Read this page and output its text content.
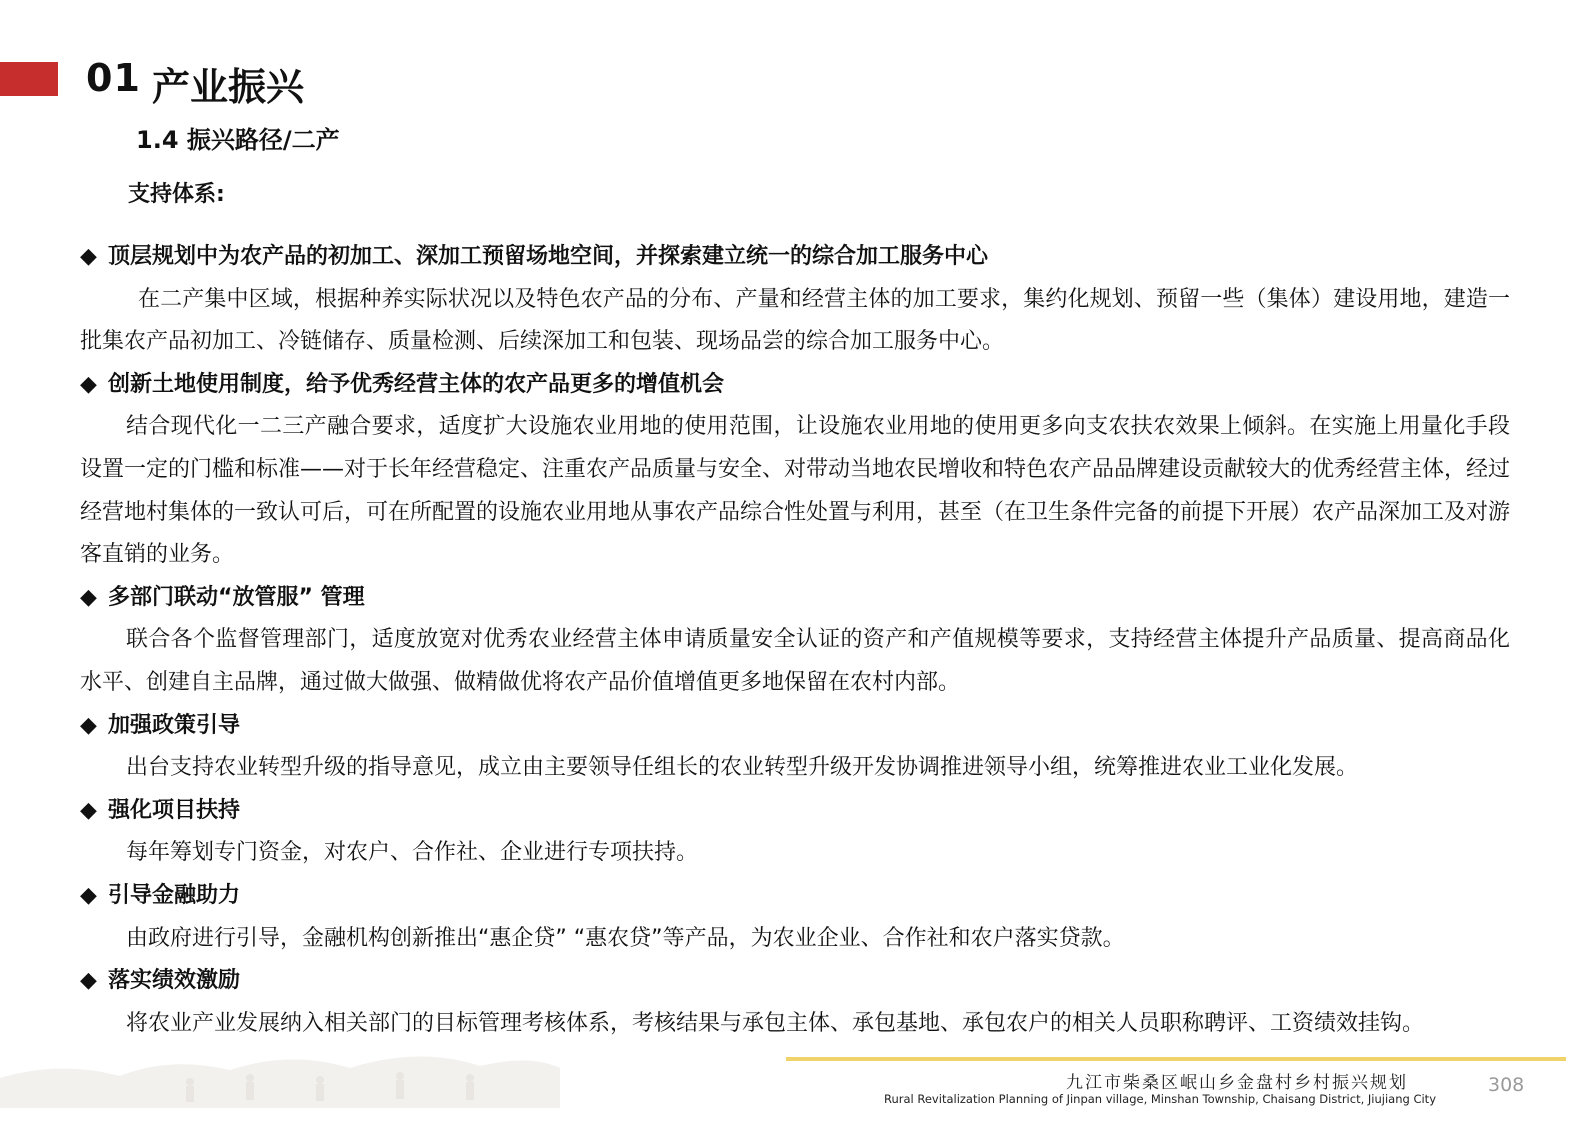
01 产业振兴
1.4 振兴路径/二产
支持体系:
◆ 顶层规划中为农产品的初加工、深加工预留场地空间，并探索建立统一的综合加工服务中心
在二产集中区域，根据种养实际状况以及特色农产品的分布、产量和经营主体的加工要求，集约化规划、预留一些（集体）建设用地，建造一批集农产品初加工、冷链储存、质量检测、后续深加工和包装、现场品尝的综合加工服务中心。
◆ 创新土地使用制度，给予优秀经营主体的农产品更多的增值机会
结合现代化一二三产融合要求，适度扩大设施农业用地的使用范围，让设施农业用地的使用更多向支农扶农效果上倾斜。在实施上用量化手段设置一定的门槛和标准——对于长年经营稳定、注重农产品质量与安全、对带动当地农民增收和特色农产品品牌建设贡献较大的优秀经营主体，经过经营地村集体的一致认可后，可在所配置的设施农业用地从事农产品综合性处置与利用，甚至（在卫生条件完备的前提下开展）农产品深加工及对游客直销的业务。
◆ 多部门联动“放管服” 管理
联合各个监督管理部门，适度放宽对优秀农业经营主体申请质量安全认证的资产和产值规模等要求，支持经营主体提升产品质量、提高商品化水平、创建自主品牌，通过做大做强、做精做优将农产品价值增值更多地保留在农村内部。
◆ 加强政策引导
出台支持农业转型升级的指导意见，成立由主要领导任组长的农业转型升级开发协调推进领导小组，统筹推进农业工业化发展。
◆ 强化项目扶持
每年筹划专门资金，对农户、合作社、企业进行专项扶持。
◆ 引导金融助力
由政府进行引导，金融机构创新推出“惠企贷” “惠农贷”等产品，为农业企业、合作社和农户落实贷款。
◆ 落实绩效激励
将农业产业发展纳入相关部门的目标管理考核体系，考核结果与承包主体、承包基地、承包农户的相关人员职称聘评、工资绩效挂钩。
九江市柴桑区岷山乡金盘村乡村振兴规划
Rural Revitalization Planning of Jinpan village, Minshan Township, Chaisang District, Jiujiang City
308
